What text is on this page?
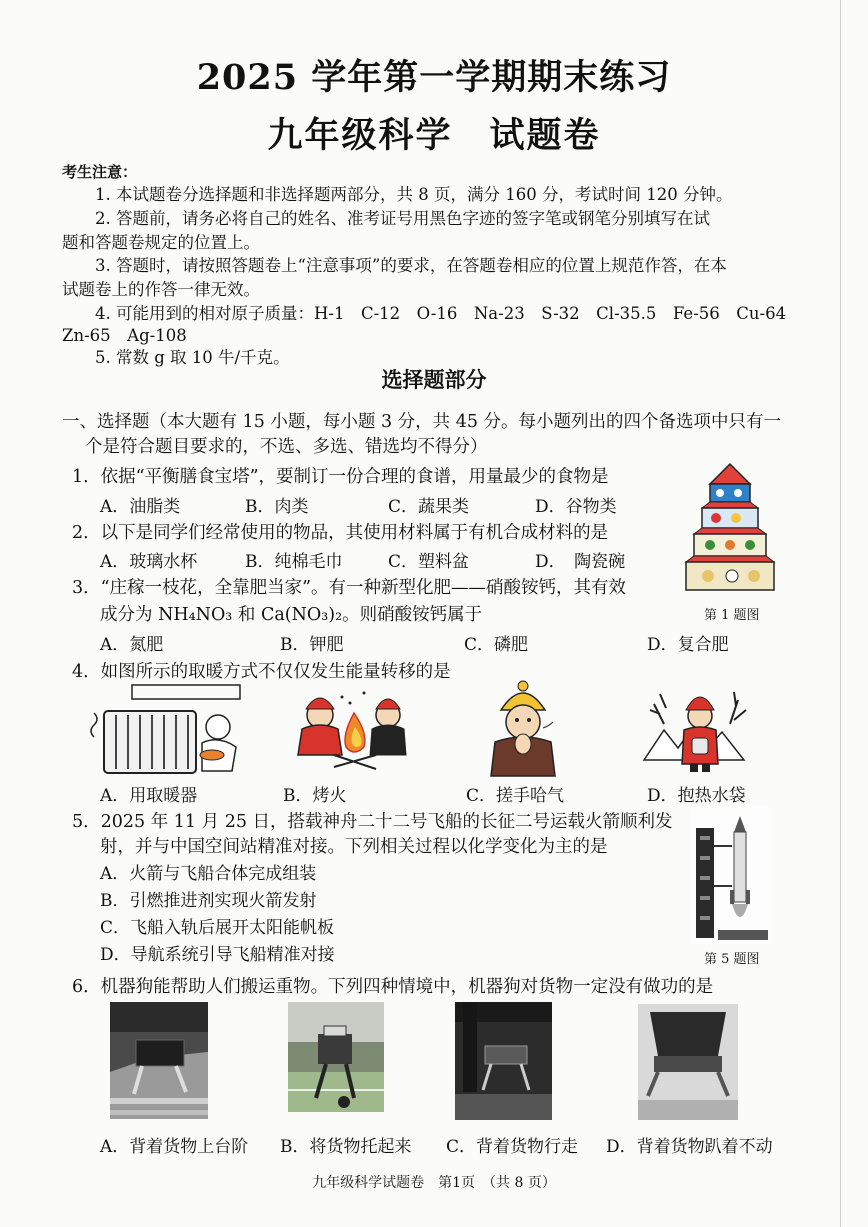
2025 学年第一学期期末练习
九年级科学　试题卷
考生注意：
1. 本试题卷分选择题和非选择题两部分，共 8 页，满分 160 分，考试时间 120 分钟。
2. 答题前，请务必将自己的姓名、准考证号用黑色字迹的签字笔或钢笔分别填写在试
题和答题卷规定的位置上。
3. 答题时，请按照答题卷上“注意事项”的要求，在答题卷相应的位置上规范作答，在本
试题卷上的作答一律无效。
4. 可能用到的相对原子质量：H-1　C-12　O-16　Na-23　S-32　Cl-35.5　Fe-56　Cu-64
Zn-65　Ag-108
5. 常数 g 取 10 牛/千克。
选择题部分
一、选择题（本大题有 15 小题，每小题 3 分，共 45 分。每小题列出的四个备选项中只有一
个是符合题目要求的，不选、多选、错选均不得分）
1．依据“平衡膳食宝塔”，要制订一份合理的食谱，用量最少的食物是
A．油脂类	B．肉类	C．蔬果类	D．谷物类
2．以下是同学们经常使用的物品，其使用材料属于有机合成材料的是
A．玻璃水杯	B．纯棉毛巾	C．塑料盆	D．　陶瓷碗
3．“庄稼一枝花，全靠肥当家”。有一种新型化肥——硝酸铵钙，其有效
成分为 NH₄NO₃ 和 Ca(NO₃)₂。则硝酸铵钙属于	第 1 题图
A．氮肥	B．钾肥	C．磷肥	D．复合肥
4．如图所示的取暖方式不仅仅发生能量转移的是
A．用取暖器	B．烤火	C．搓手哈气	D．抱热水袋
5．2025 年 11 月 25 日，搭载神舟二十二号飞船的长征二号运载火箭顺利发
射，并与中国空间站精准对接。下列相关过程以化学变化为主的是
A．火箭与飞船合体完成组装
B．引燃推进剂实现火箭发射
C．飞船入轨后展开太阳能帆板
D．导航系统引导飞船精准对接	第 5 题图
6．机器狗能帮助人们搬运重物。下列四种情境中，机器狗对货物一定没有做功的是
A．背着货物上台阶 B．将货物托起来 C．背着货物行走 D．背着货物趴着不动
九年级科学试题卷　第1页　（共 8 页）
